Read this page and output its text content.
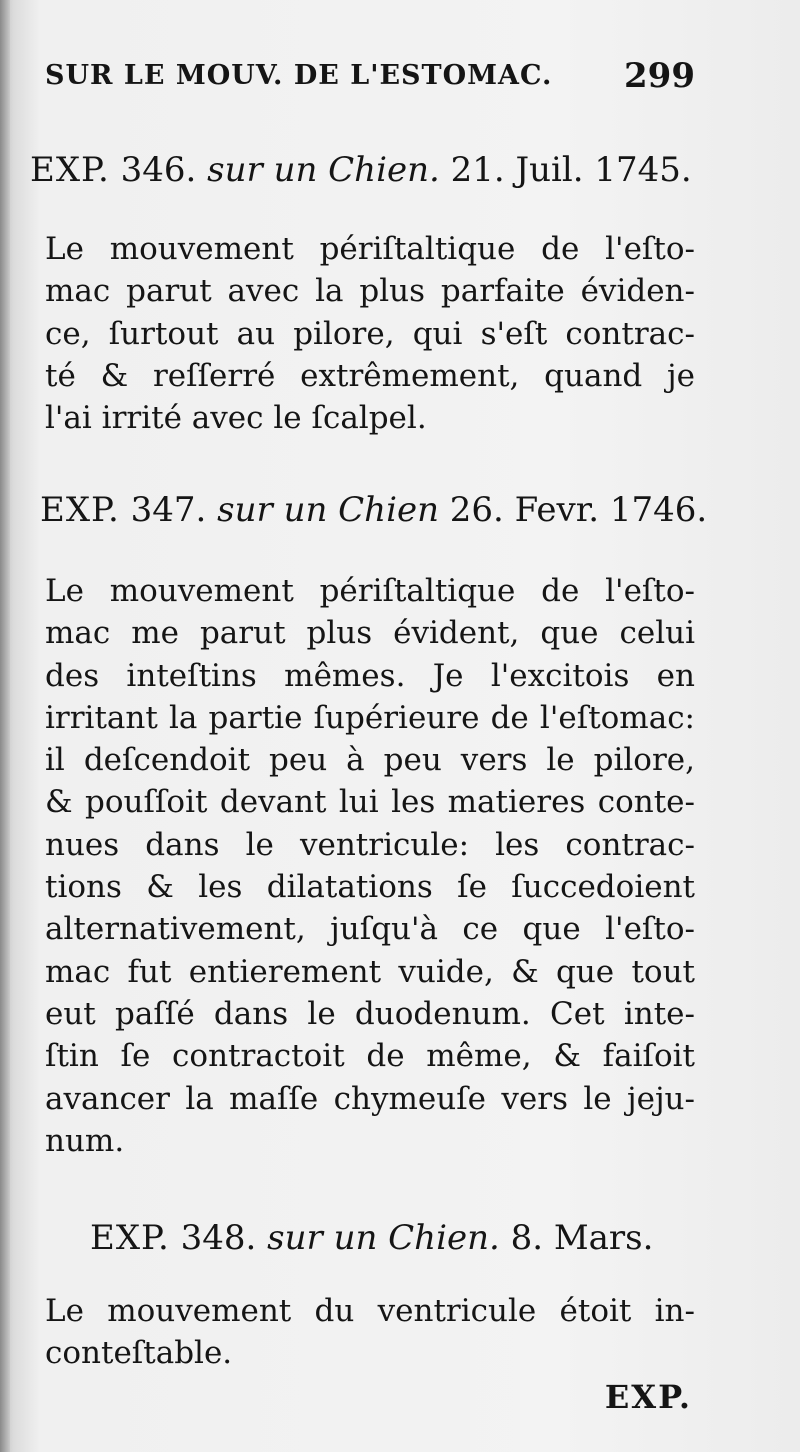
SUR LE MOUV. DE L'ESTOMAC. 299
EXP. 346. sur un Chien. 21. Juil. 1745.
Le mouvement périſtaltique de l'eſto-
mac parut avec la plus parfaite éviden-
ce, ſurtout au pilore, qui s'eſt contrac-
té & reſſerré extrêmement, quand je
l'ai irrité avec le ſcalpel.
EXP. 347. sur un Chien 26. Fevr. 1746.
Le mouvement périſtaltique de l'eſto-
mac me parut plus évident, que celui
des inteſtins mêmes. Je l'excitois en
irritant la partie ſupérieure de l'eſtomac:
il deſcendoit peu à peu vers le pilore,
& pouſſoit devant lui les matieres conte-
nues dans le ventricule: les contrac-
tions & les dilatations ſe ſuccedoient
alternativement, juſqu'à ce que l'eſto-
mac fut entierement vuide, & que tout
eut paſſé dans le duodenum. Cet inte-
ſtin ſe contractoit de même, & faiſoit
avancer la maſſe chymeuſe vers le jeju-
num.
EXP. 348. sur un Chien. 8. Mars.
Le mouvement du ventricule étoit in-
conteſtable.
EXP.
